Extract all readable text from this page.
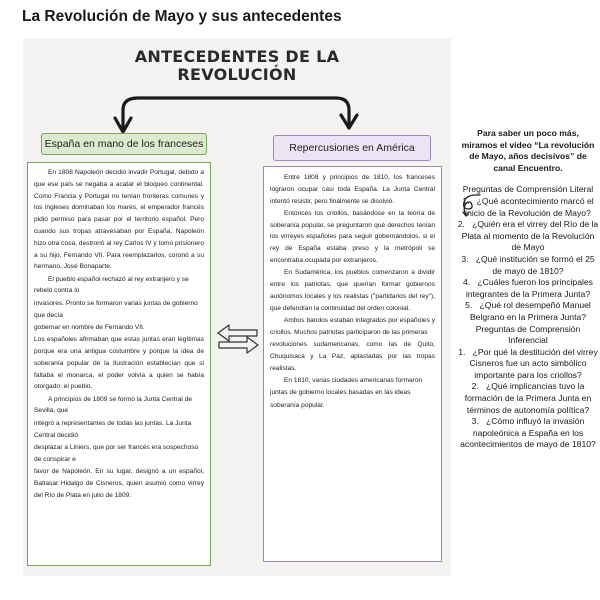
La Revolución de Mayo y sus antecedentes
ANTECEDENTES DE LA
REVOLUCIÓN
España en mano de los franceses	Repercusiones en América

En 1808 Napoleón decidió invadir Portugal, debido a que ese país se negaba a acatar el bloqueo continental. Como Francia y Portugal no tenían fronteras comunes y los ingleses dominaban los mares, el emperador francés pidió permiso para pasar por el territorio español. Pero cuando sus tropas atravesaban por España, Napoleón hizo otra cosa, destronó al rey Carlos IV y tomó prisionero a su hijo, Fernando VII. Para reemplazarlos, coronó a su hermano, José Bonaparte.

El pueblo español rechazó al rey extranjero y se rebeló contra lo

invasores. Pronto se formaron varias juntas de gobierno que decía

gobernar en nombre de Fernando VII.

Los españoles afirmaban que estas juntas eran legítimas porque era una antigua costumbre y porque la idea de soberanía popular de la Ilustración establecían que si faltaba el monarca, el poder volvía a quien se había otorgado: el pueblo.

A principios de 1809 se formó la Junta Central de Sevilla, que

integró a representantes de todas las juntas. La Junta Central decidió

desplazar a Liniers, que por ser francés era sospechoso de conspirar e

favor de Napoleón. En su lugar, designó a un español, Baltasar Hidalgo de Cisneros, quien asumió como virrey del Río de Plata en julio de 1809.

Entre 1808 y principios de 1810, los franceses lograron ocupar casi toda España. La Junta Central intentó resistir, pero finalmente se disolvió.

Entonces los criollos, basándose en la teoría de soberanía popular, se preguntaron qué derechos tenían los virreyes españoles para seguir gobernándolos, si el rey de España estaba preso y la metrópoli se encontraba ocupada por extranjeros.

En Sudamérica, los pueblos comenzaron a dividir entre los patriotas, que querían formar gobiernos autónomos locales y los realistas ("partidarios del rey"), que defendían la continuidad del orden colonial.

Ambos bandos estaban integrados por españoles y criollos. Muchos patriotas participaron de las primeras

revoluciones sudamericanas, como las de Quito, Chuquisaca y La Paz, aplastadas por las tropas realistas.

En 1810, varias ciudades americanas formaron

juntas de gobierno locales basadas en las ideas

soberanía popular.

Para saber un poco más, miramos el video “La revolución de Mayo, años decisivos” de canal Encuentro.

Preguntas de Comprensión Literal

1. ¿Qué acontecimiento marcó el inicio de la Revolución de Mayo?

2. ¿Quién era el virrey del Río de la Plata al momento de la Revolución de Mayo

3. ¿Qué institución se formó el 25 de mayo de 1810?

4. ¿Cuáles fueron los principales integrantes de la Primera Junta?

5. ¿Qué rol desempeñó Manuel Belgrano en la Primera Junta?

Preguntas de Comprensión Inferencial

1. ¿Por qué la destitución del virrey Cisneros fue un acto simbólico importante para los criollos?

2. ¿Qué implicancias tuvo la formación de la Primera Junta en términos de autonomía política?

3. ¿Cómo influyó la invasión napoleónica a España en los acontecimientos de mayo de 1810?
